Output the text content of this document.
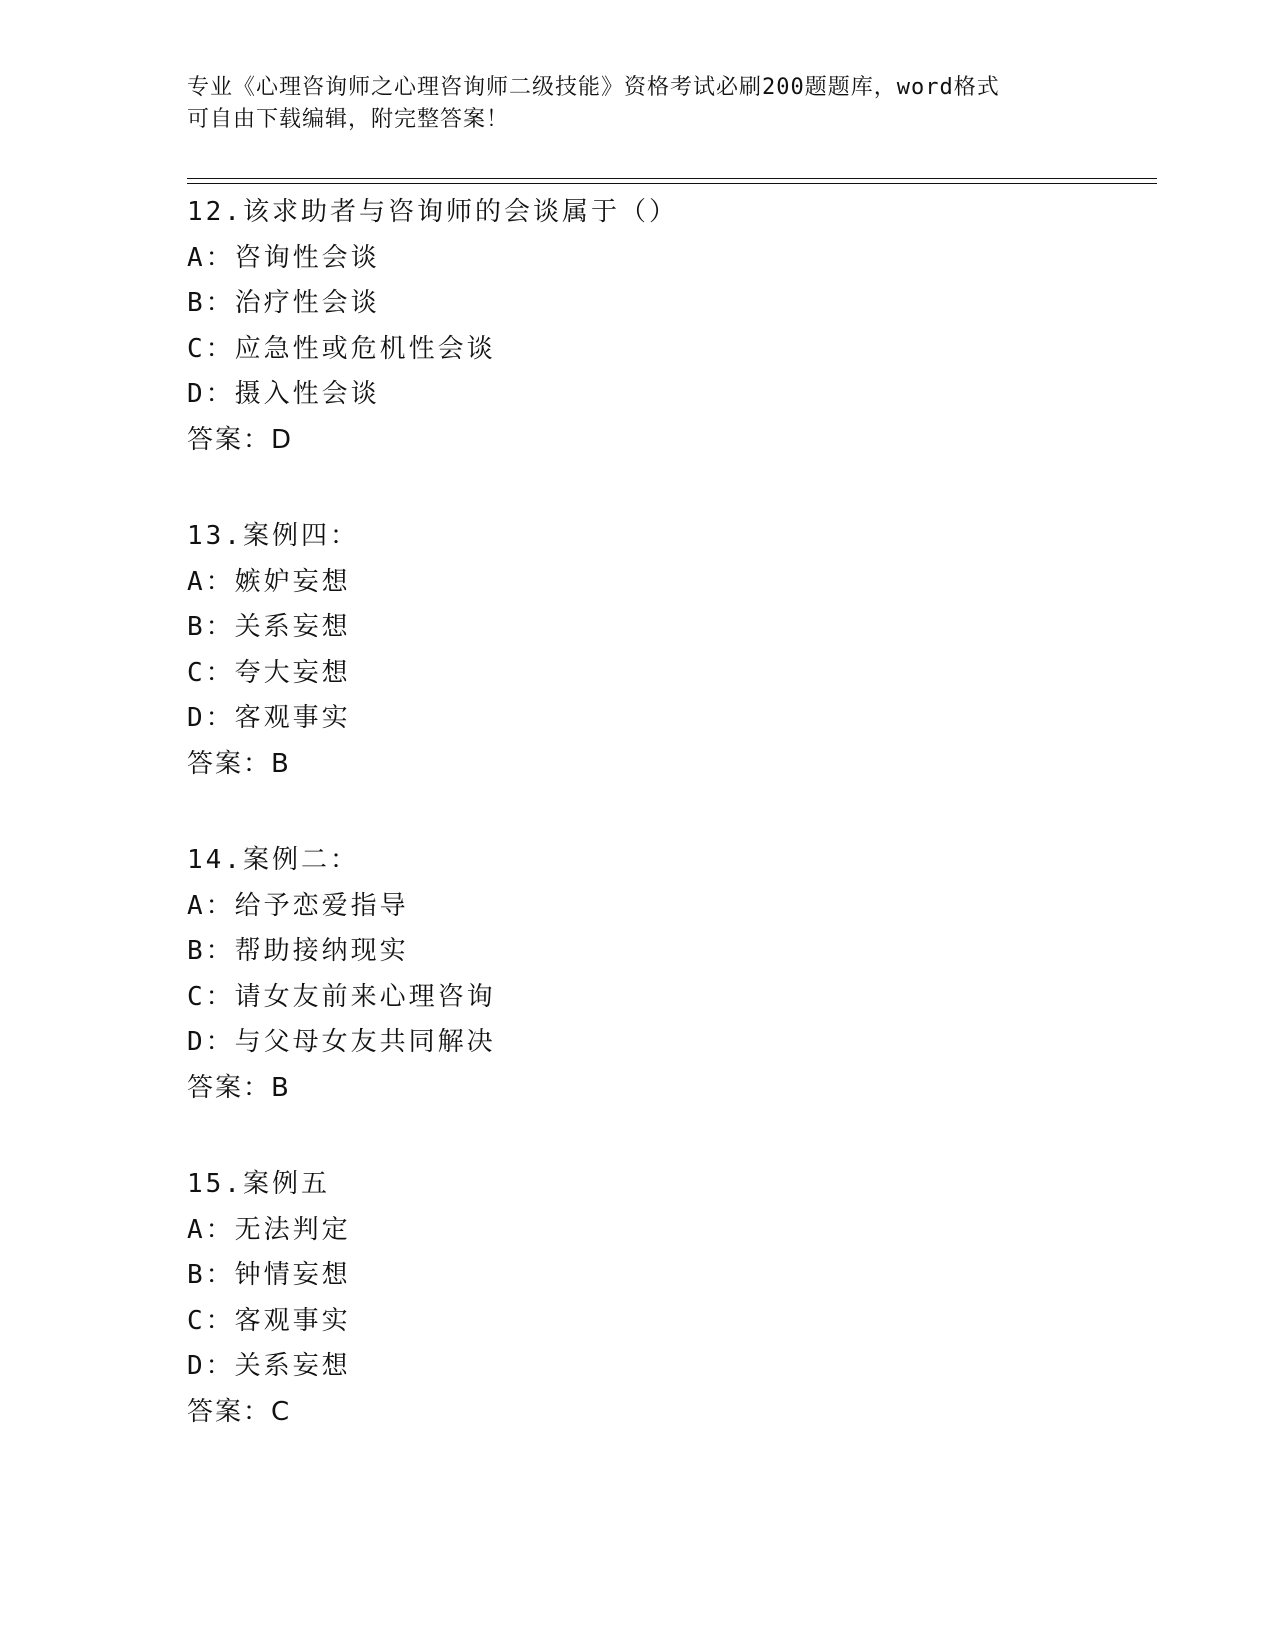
专业《心理咨询师之心理咨询师二级技能》资格考试必刷200题题库，word格式
可自由下载编辑，附完整答案！
12.该求助者与咨询师的会谈属于（）
A：咨询性会谈
B：治疗性会谈
C：应急性或危机性会谈
D：摄入性会谈
答案：D
13.案例四：
A：嫉妒妄想
B：关系妄想
C：夸大妄想
D：客观事实
答案：B
14.案例二：
A：给予恋爱指导
B：帮助接纳现实
C：请女友前来心理咨询
D：与父母女友共同解决
答案：B
15.案例五
A：无法判定
B：钟情妄想
C：客观事实
D：关系妄想
答案：C
